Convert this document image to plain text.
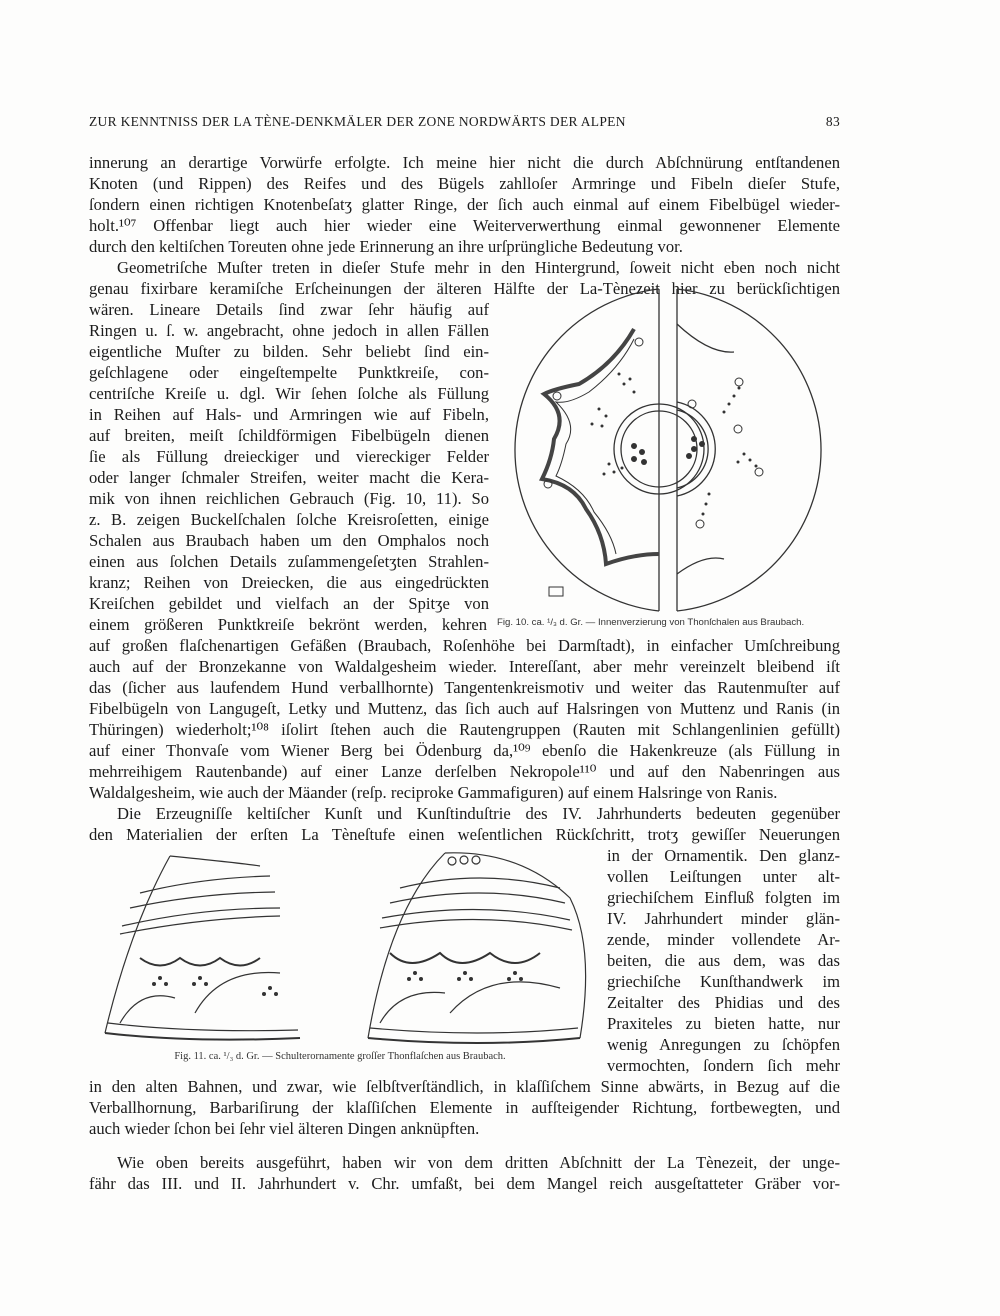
ZUR KENNTNISS DER LA TÈNE-DENKMÄLER DER ZONE NORDWÄRTS DER ALPEN	83
innerung an derartige Vorwürfe erfolgte. Ich meine hier nicht die durch Abſchnürung entſtandenen
Knoten (und Rippen) des Reifes und des Bügels zahlloſer Armringe und Fibeln dieſer Stufe,
ſondern einen richtigen Knotenbeſatʒ glatter Ringe, der ſich auch einmal auf einem Fibelbügel wieder-
holt.¹⁰⁷ Offenbar liegt auch hier wieder eine Weiterverwerthung einmal gewonnener Elemente
durch den keltiſchen Toreuten ohne jede Erinnerung an ihre urſprüngliche Bedeutung vor.
Geometriſche Muſter treten in dieſer Stufe mehr in den Hintergrund, ſoweit nicht eben noch nicht
genau fixirbare keramiſche Erſcheinungen der älteren Hälfte der La-Tènezeit hier zu berückſichtigen
wären. Lineare Details ſind zwar ſehr häufig auf
Ringen u. ſ. w. angebracht, ohne jedoch in allen Fällen
eigentliche Muſter zu bilden. Sehr beliebt ſind ein-
geſchlagene oder eingeſtempelte Punktkreiſe, con-
centriſche Kreiſe u. dgl. Wir ſehen ſolche als Füllung
in Reihen auf Hals- und Armringen wie auf Fibeln,
auf breiten, meiſt ſchildförmigen Fibelbügeln dienen
ſie als Füllung dreieckiger und viereckiger Felder
oder langer ſchmaler Streifen, weiter macht die Kera-
mik von ihnen reichlichen Gebrauch (Fig. 10, 11). So
z. B. zeigen Buckelſchalen ſolche Kreisroſetten, einige
Schalen aus Braubach haben um den Omphalos noch
einen aus ſolchen Details zuſammengeſetʒten Strahlen-
kranz; Reihen von Dreiecken, die aus eingedrückten
Kreiſchen gebildet und vielfach an der Spitʒe von
einem größeren Punktkreiſe bekrönt werden, kehren Fig. 10. ca. ¹/₃ d. Gr. — Innenverzierung von Thonſchalen aus Braubach.
auf großen flaſchenartigen Gefäßen (Braubach, Roſenhöhe bei Darmſtadt), in einfacher Umſchreibung
auch auf der Bronzekanne von Waldalgesheim wieder. Intereſſant, aber mehr vereinzelt bleibend iſt
das (ſicher aus laufendem Hund verballhornte) Tangentenkreismotiv und weiter das Rautenmuſter auf
Fibelbügeln von Langugeſt, Letky und Muttenz, das ſich auch auf Halsringen von Muttenz und Ranis (in
Thüringen) wiederholt;¹⁰⁸ iſolirt ſtehen auch die Rautengruppen (Rauten mit Schlangenlinien gefüllt)
auf einer Thonvaſe vom Wiener Berg bei Ödenburg da,¹⁰⁹ ebenſo die Hakenkreuze (als Füllung in
mehrreihigem Rautenbande) auf einer Lanze derſelben Nekropole¹¹⁰ und auf den Nabenringen aus
Waldalgesheim, wie auch der Mäander (reſp. reciproke Gammafiguren) auf einem Halsringe von Ranis.
Die Erzeugniſſe keltiſcher Kunſt und Kunſtinduſtrie des IV. Jahrhunderts bedeuten gegenüber
den Materialien der erſten La Tèneſtufe einen weſentlichen Rückſchritt, trotʒ gewiſſer Neuerungen
in der Ornamentik. Den glanz-
vollen Leiſtungen unter alt-
griechiſchem Einfluß folgten im
IV. Jahrhundert minder glän-
zende, minder vollendete Ar-
beiten, die aus dem, was das
griechiſche Kunſthandwerk im
Zeitalter des Phidias und des
Praxiteles zu bieten hatte, nur
wenig Anregungen zu ſchöpfen
vermochten, ſondern ſich mehr
in den alten Bahnen, und zwar, wie ſelbſtverſtändlich, in klaſſiſchem Sinne abwärts, in Bezug auf die
Verballhornung, Barbariſirung der klaſſiſchen Elemente in aufſteigender Richtung, fortbewegten, und
auch wieder ſchon bei ſehr viel älteren Dingen anknüpften.
Wie oben bereits ausgeführt, haben wir von dem dritten Abſchnitt der La Tènezeit, der unge-
fähr das III. und II. Jahrhundert v. Chr. umfaßt, bei dem Mangel reich ausgeſtatteter Gräber vor-
Fig. 11. ca. ¹/₃ d. Gr. — Schulterornamente groſſer Thonflaſchen aus Braubach.
